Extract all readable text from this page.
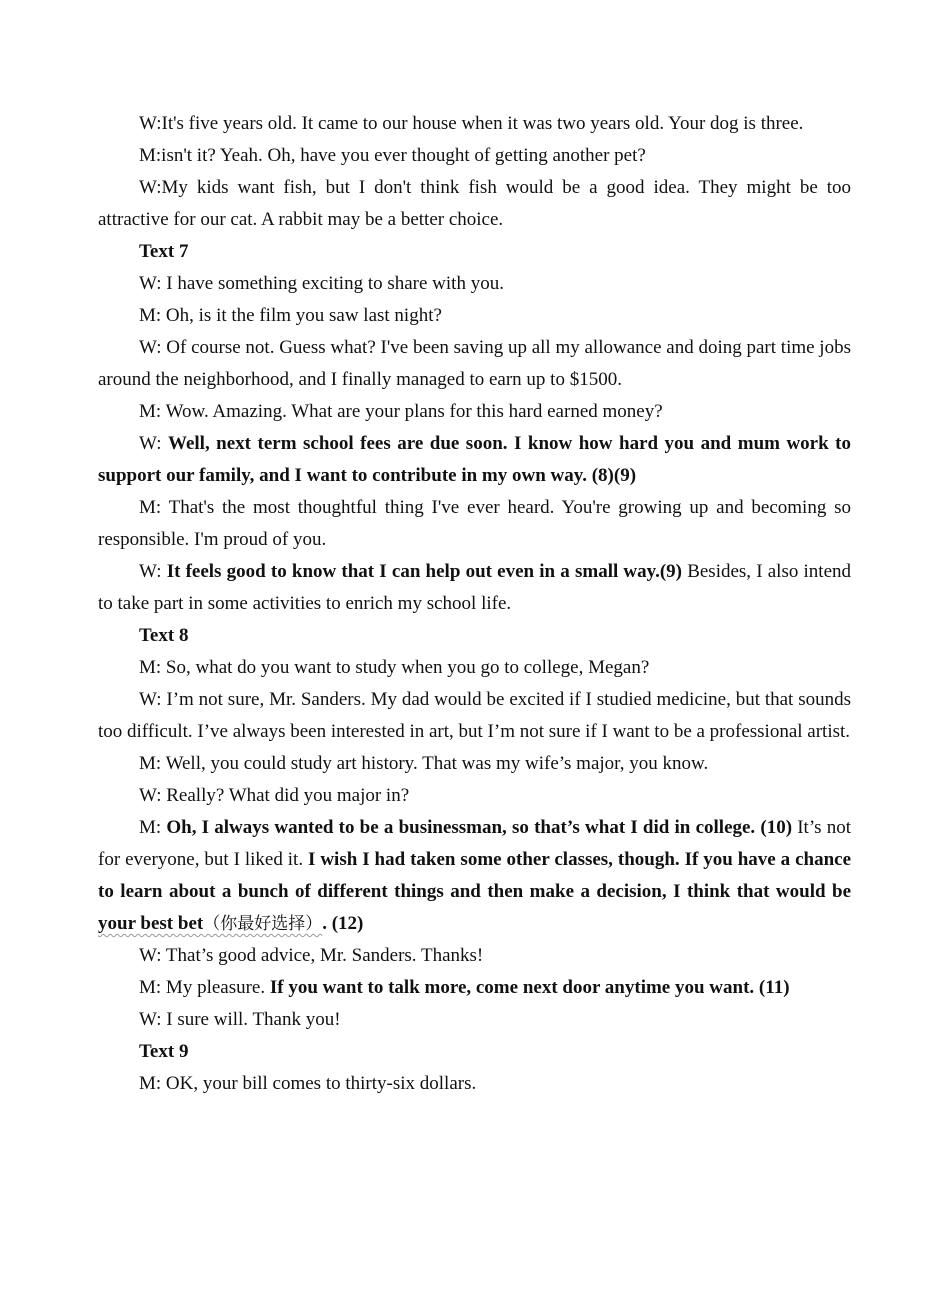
W:It's five years old. It came to our house when it was two years old. Your dog is three.

M:isn't it? Yeah. Oh, have you ever thought of getting another pet?

W:My kids want fish, but I don't think fish would be a good idea. They might be too attractive for our cat. A rabbit may be a better choice.

Text 7

W: I have something exciting to share with you.

M: Oh, is it the film you saw last night?

W: Of course not. Guess what? I've been saving up all my allowance and doing part time jobs around the neighborhood, and I finally managed to earn up to $1500.

M: Wow. Amazing. What are your plans for this hard earned money?

W: Well, next term school fees are due soon. I know how hard you and mum work to support our family, and I want to contribute in my own way. (8)(9)

M: That's the most thoughtful thing I've ever heard. You're growing up and becoming so responsible. I'm proud of you.

W: It feels good to know that I can help out even in a small way.(9) Besides, I also intend to take part in some activities to enrich my school life.

Text 8

M: So, what do you want to study when you go to college, Megan?

W: I’m not sure, Mr. Sanders. My dad would be excited if I studied medicine, but that sounds too difficult. I’ve always been interested in art, but I’m not sure if I want to be a professional artist.

M: Well, you could study art history. That was my wife’s major, you know.

W: Really? What did you major in?

M: Oh, I always wanted to be a businessman, so that’s what I did in college. (10) It’s not for everyone, but I liked it. I wish I had taken some other classes, though. If you have a chance to learn about a bunch of different things and then make a decision, I think that would be your best bet（你最好选择）. (12)

W: That’s good advice, Mr. Sanders. Thanks!

M: My pleasure. If you want to talk more, come next door anytime you want. (11)

W: I sure will. Thank you!

Text 9

M: OK, your bill comes to thirty-six dollars.
